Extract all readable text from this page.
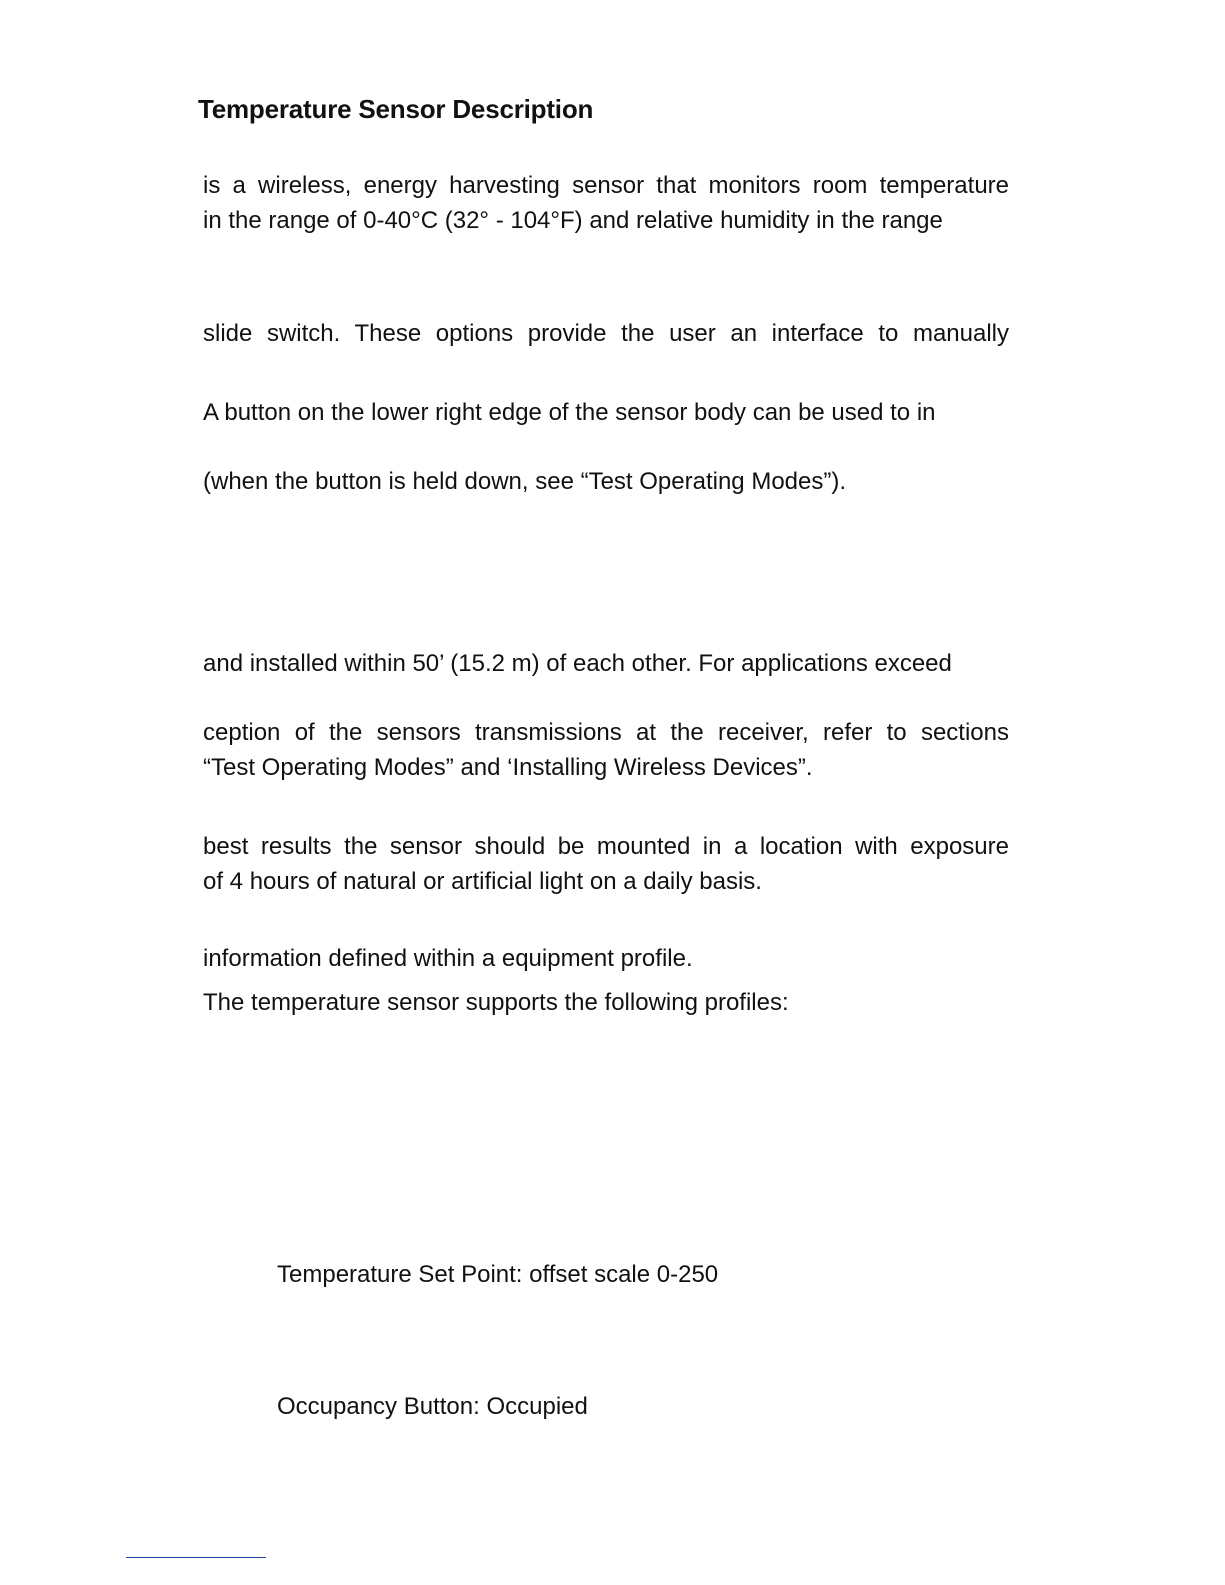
Temperature Sensor Description
is a wireless, energy harvesting sensor that monitors room temperature
in the range of 0-40°C (32° - 104°F) and relative humidity in the range
slide switch. These options provide the user an interface to manually
A button on the lower right edge of the sensor body can be used to in
(when the button is held down, see “Test Operating Modes”).
and installed within 50’ (15.2 m) of each other. For applications exceed
ception of the sensors transmissions at the receiver, refer to sections
“Test Operating Modes” and ‘Installing Wireless Devices”.
best results the sensor should be mounted in a location with exposure
of 4 hours of natural or artificial light on a daily basis.
information defined within a equipment profile.
The temperature sensor supports the following profiles:
Temperature Set Point: offset scale 0-250
Occupancy Button: Occupied
